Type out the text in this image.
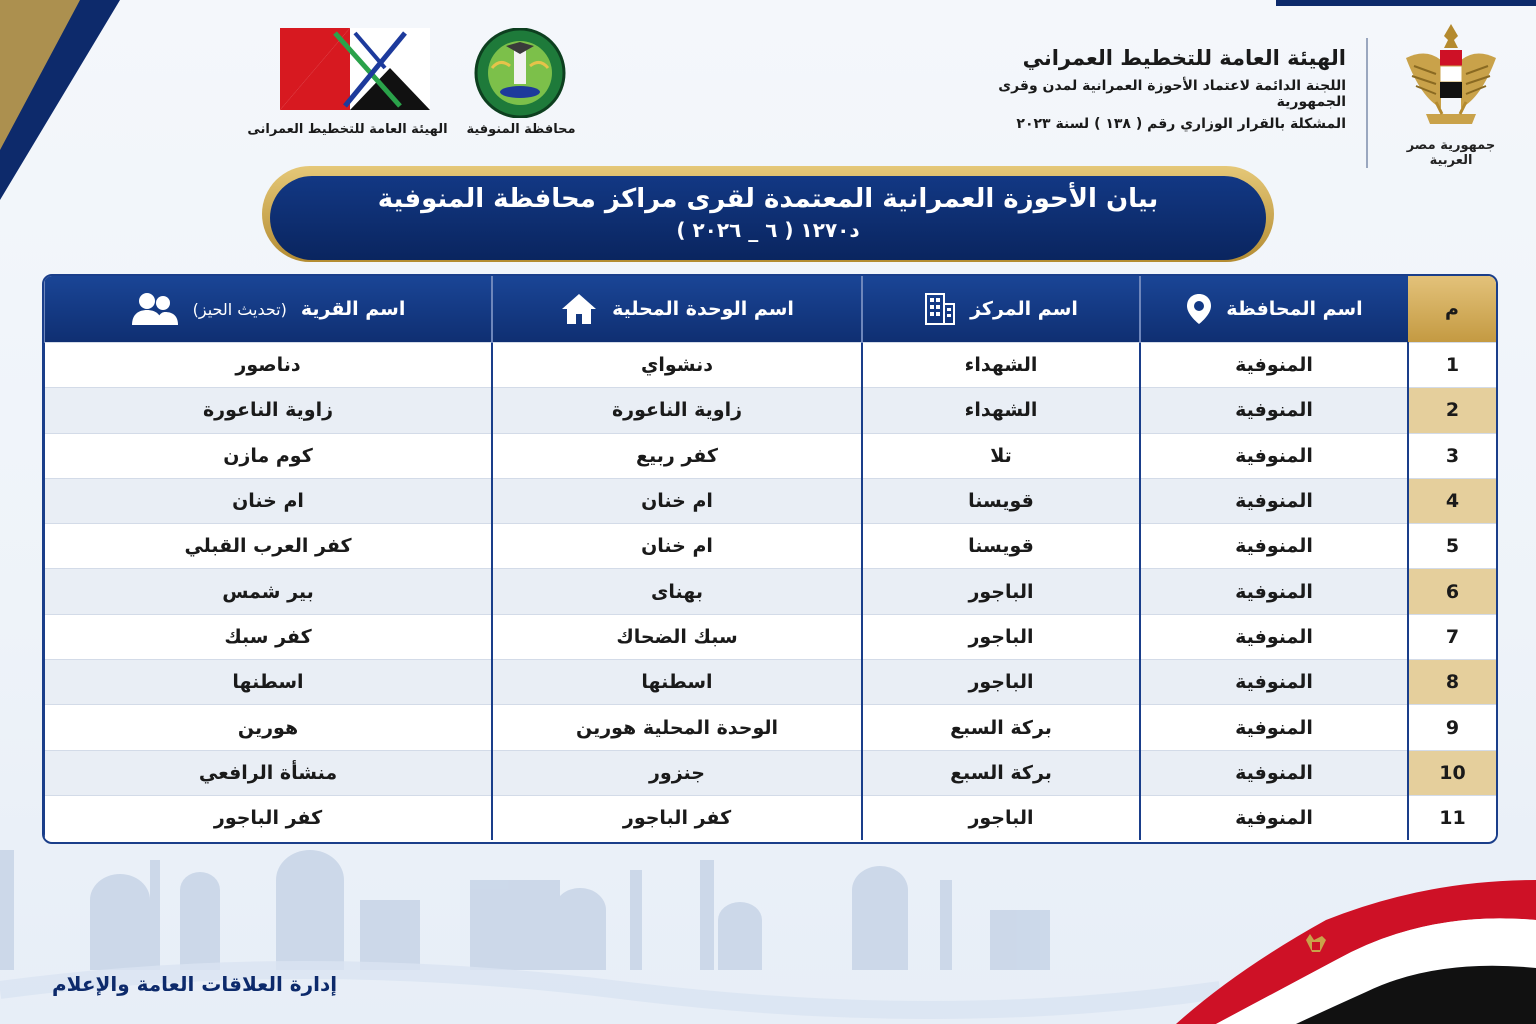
جمهورية مصر العربية
الهيئة العامة للتخطيط العمراني
اللجنة الدائمة لاعتماد الأحوزة العمرانية لمدن وقرى الجمهورية
المشكلة بالقرار الوزاري رقم ( ١٣٨ ) لسنة ٢٠٢٣
الهيئة العامة للتخطيط العمرانى	محافظة المنوفية
بيان الأحوزة العمرانية المعتمدة لقرى مراكز محافظة المنوفية
د١٢٧٠ ( ٦ _ ٢٠٢٦ )
م	اسم المحافظة	اسم المركز	اسم الوحدة المحلية	اسم القرية
(تحديث الحيز)

1	المنوفية	الشهداء	دنشواي	دناصور
2	المنوفية	الشهداء	زاوية الناعورة	زاوية الناعورة
3	المنوفية	تلا	كفر ربيع	كوم مازن
4	المنوفية	قويسنا	ام خنان	ام خنان
5	المنوفية	قويسنا	ام خنان	كفر العرب القبلي
6	المنوفية	الباجور	بهناى	بير شمس
7	المنوفية	الباجور	سبك الضحاك	كفر سبك
8	المنوفية	الباجور	اسطنها	اسطنها
9	المنوفية	بركة السبع	الوحدة المحلية هورين	هورين
10	المنوفية	بركة السبع	جنزور	منشأة الرافعي
11	المنوفية	الباجور	كفر الباجور	كفر الباجور
إدارة العلاقات العامة والإعلام
